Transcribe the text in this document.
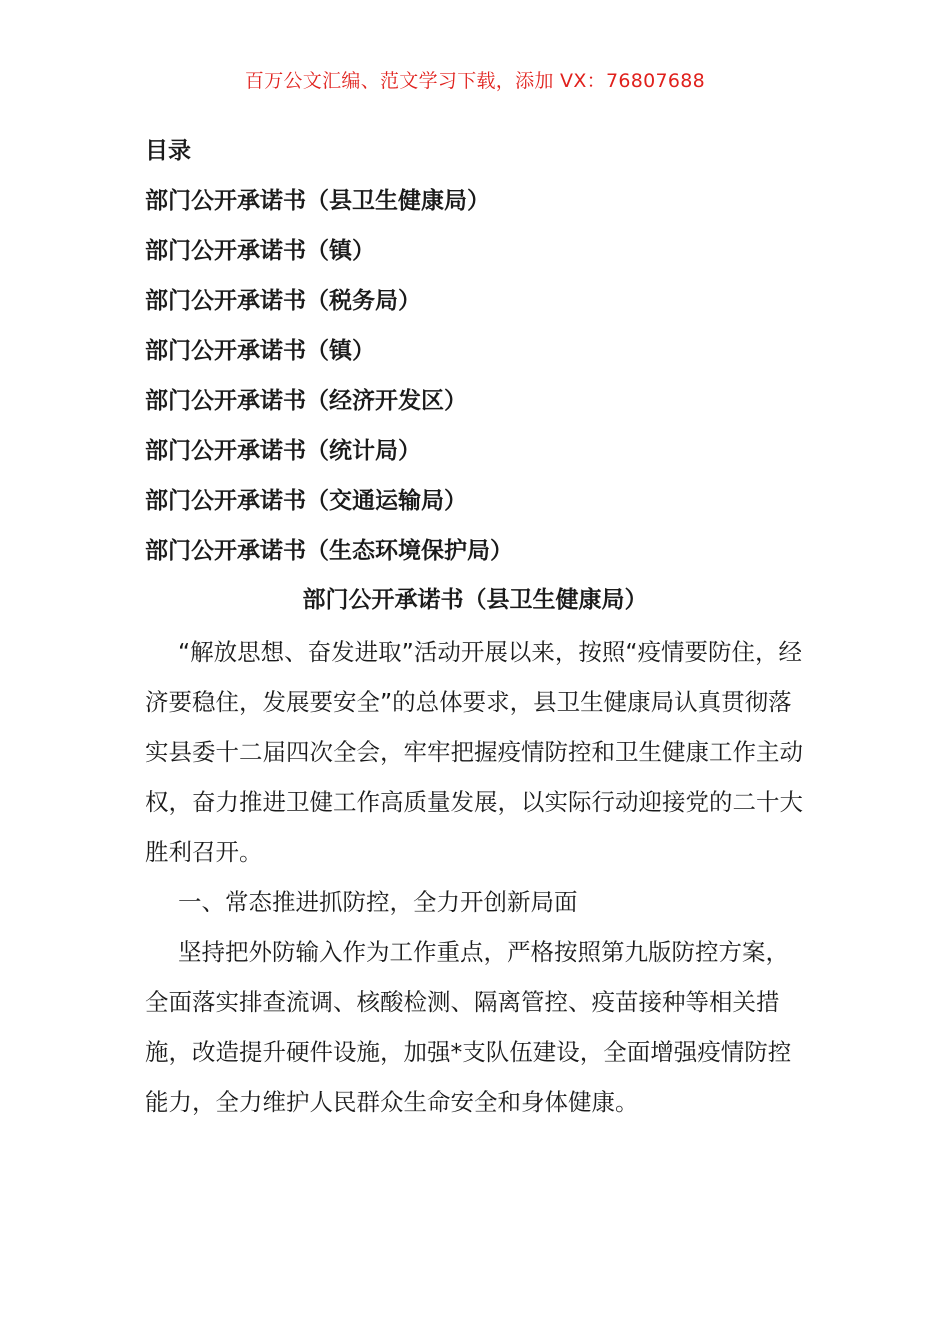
百万公文汇编、范文学习下载，添加 VX：76807688
目录
部门公开承诺书（县卫生健康局）
部门公开承诺书（镇）
部门公开承诺书（税务局）
部门公开承诺书（镇）
部门公开承诺书（经济开发区）
部门公开承诺书（统计局）
部门公开承诺书（交通运输局）
部门公开承诺书（生态环境保护局）
部门公开承诺书（县卫生健康局）

“解放思想、奋发进取”活动开展以来，按照“疫情要防住，经济要稳住，发展要安全”的总体要求，县卫生健康局认真贯彻落实县委十二届四次全会，牢牢把握疫情防控和卫生健康工作主动权，奋力推进卫健工作高质量发展，以实际行动迎接党的二十大胜利召开。

一、常态推进抓防控，全力开创新局面

坚持把外防输入作为工作重点，严格按照第九版防控方案，全面落实排查流调、核酸检测、隔离管控、疫苗接种等相关措施，改造提升硬件设施，加强*支队伍建设，全面增强疫情防控能力，全力维护人民群众生命安全和身体健康。
